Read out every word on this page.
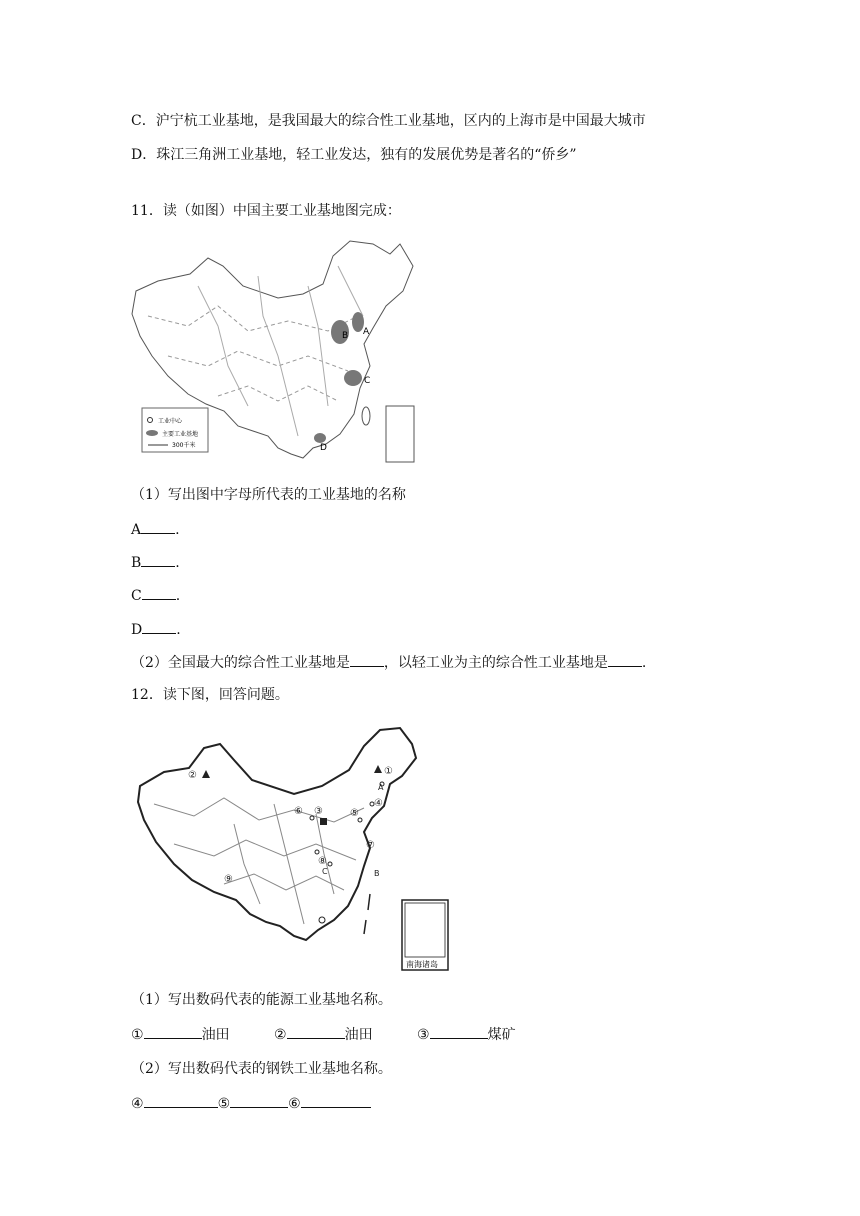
C．沪宁杭工业基地，是我国最大的综合性工业基地，区内的上海市是中国最大城市
D．珠江三角洲工业基地，轻工业发达，独有的发展优势是著名的“侨乡”
11．读（如图）中国主要工业基地图完成：
A
B
C
D
工业中心
主要工业基地
300千米
（1）写出图中字母所代表的工业基地的名称
A .
B .
C .
D .
（2）全国最大的综合性工业基地是 ，以轻工业为主的综合性工业基地是 .
12．读下图，回答问题。
南海诸岛
①
②
③
④
⑤
⑥
⑦
⑧
⑨
A
B
C
（1）写出数码代表的能源工业基地名称。
①	油田	②	油田	③	煤矿
（2）写出数码代表的钢铁工业基地名称。
④	⑤	⑥
